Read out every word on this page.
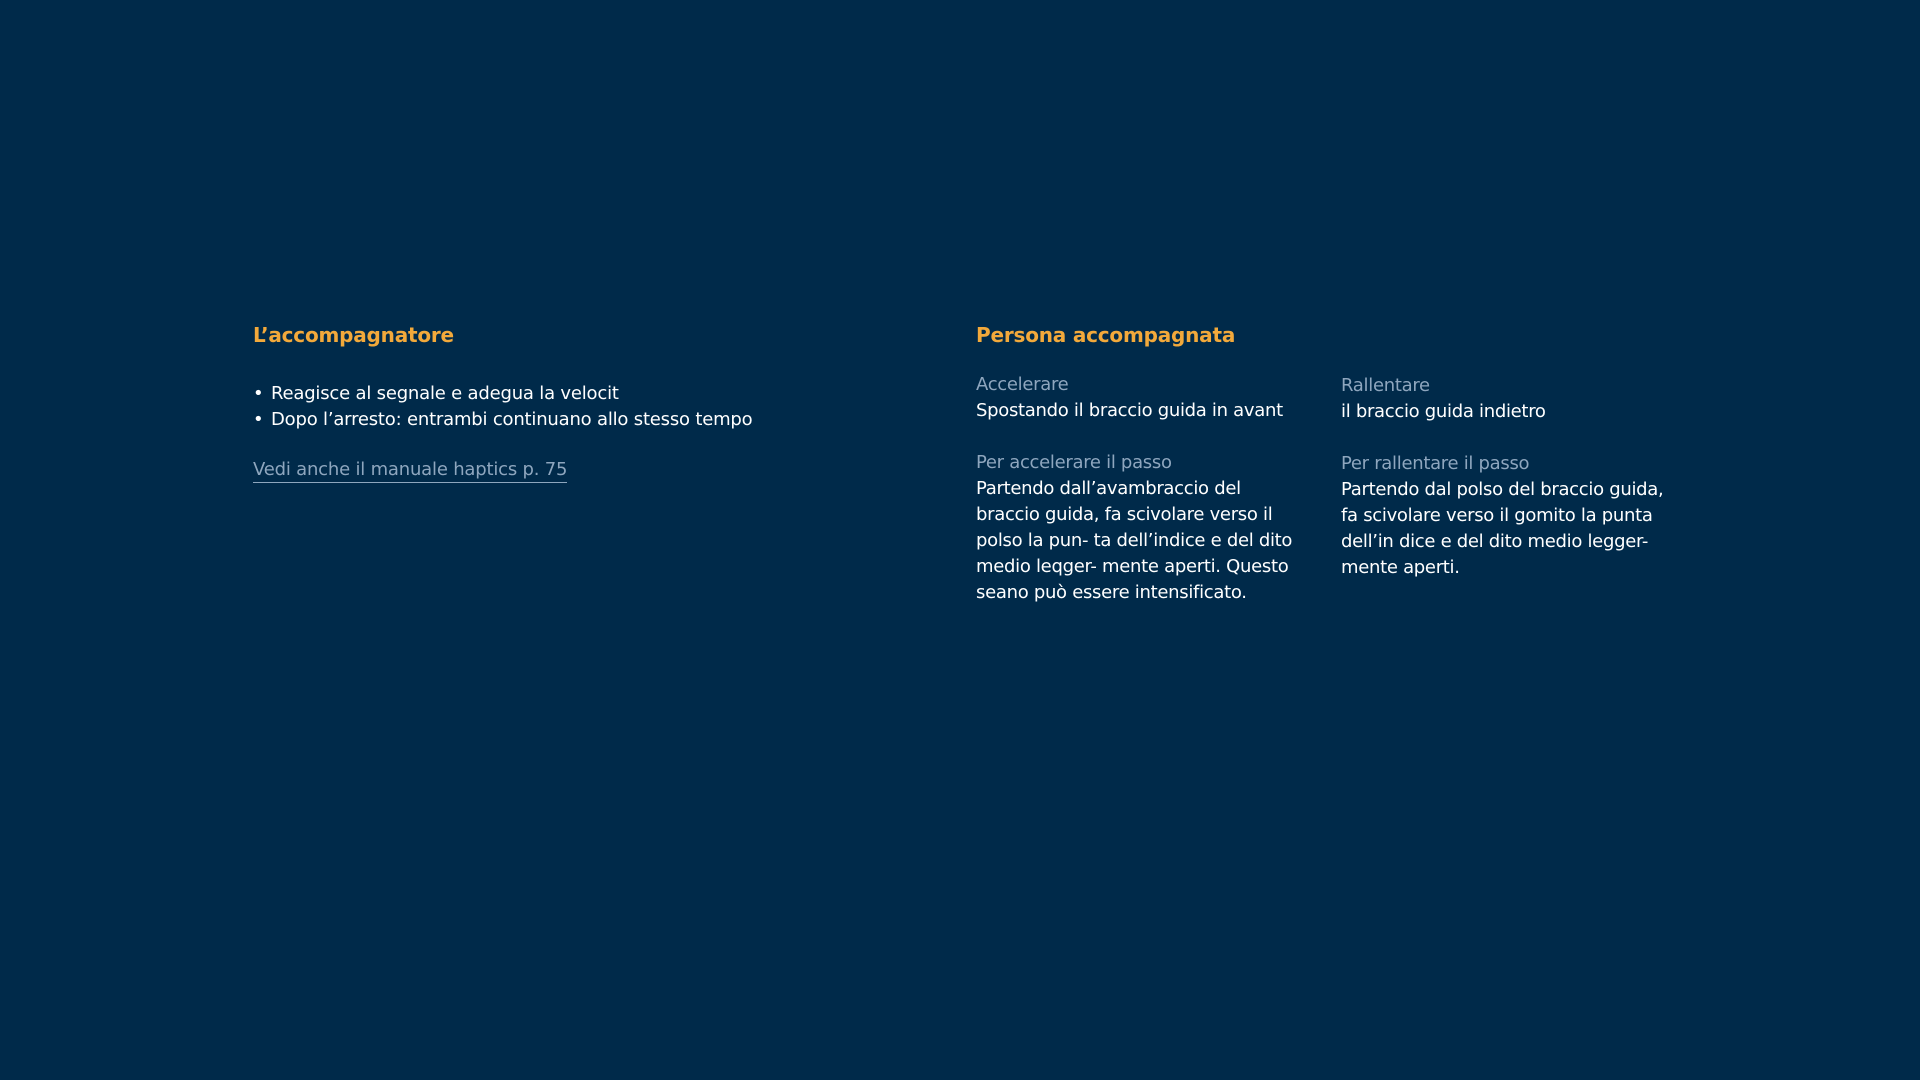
L’accompagnatore
• Reagisce al segnale e adegua la velocit
• Dopo l’arresto: entrambi continuano allo stesso tempo
Vedi anche il manuale haptics p. 75
Persona accompagnata
Accelerare
Spostando il braccio guida in avant
Rallentare
il braccio guida indietro
Per accelerare il passo
Partendo dall’avambraccio del braccio guida, fa scivolare verso il polso la pun- ta dell’indice e del dito medio leqger- mente aperti. Questo seano può essere intensificato.
Per rallentare il passo
Partendo dal polso del braccio guida, fa scivolare verso il gomito la punta dell’in dice e del dito medio legger- mente aperti.
